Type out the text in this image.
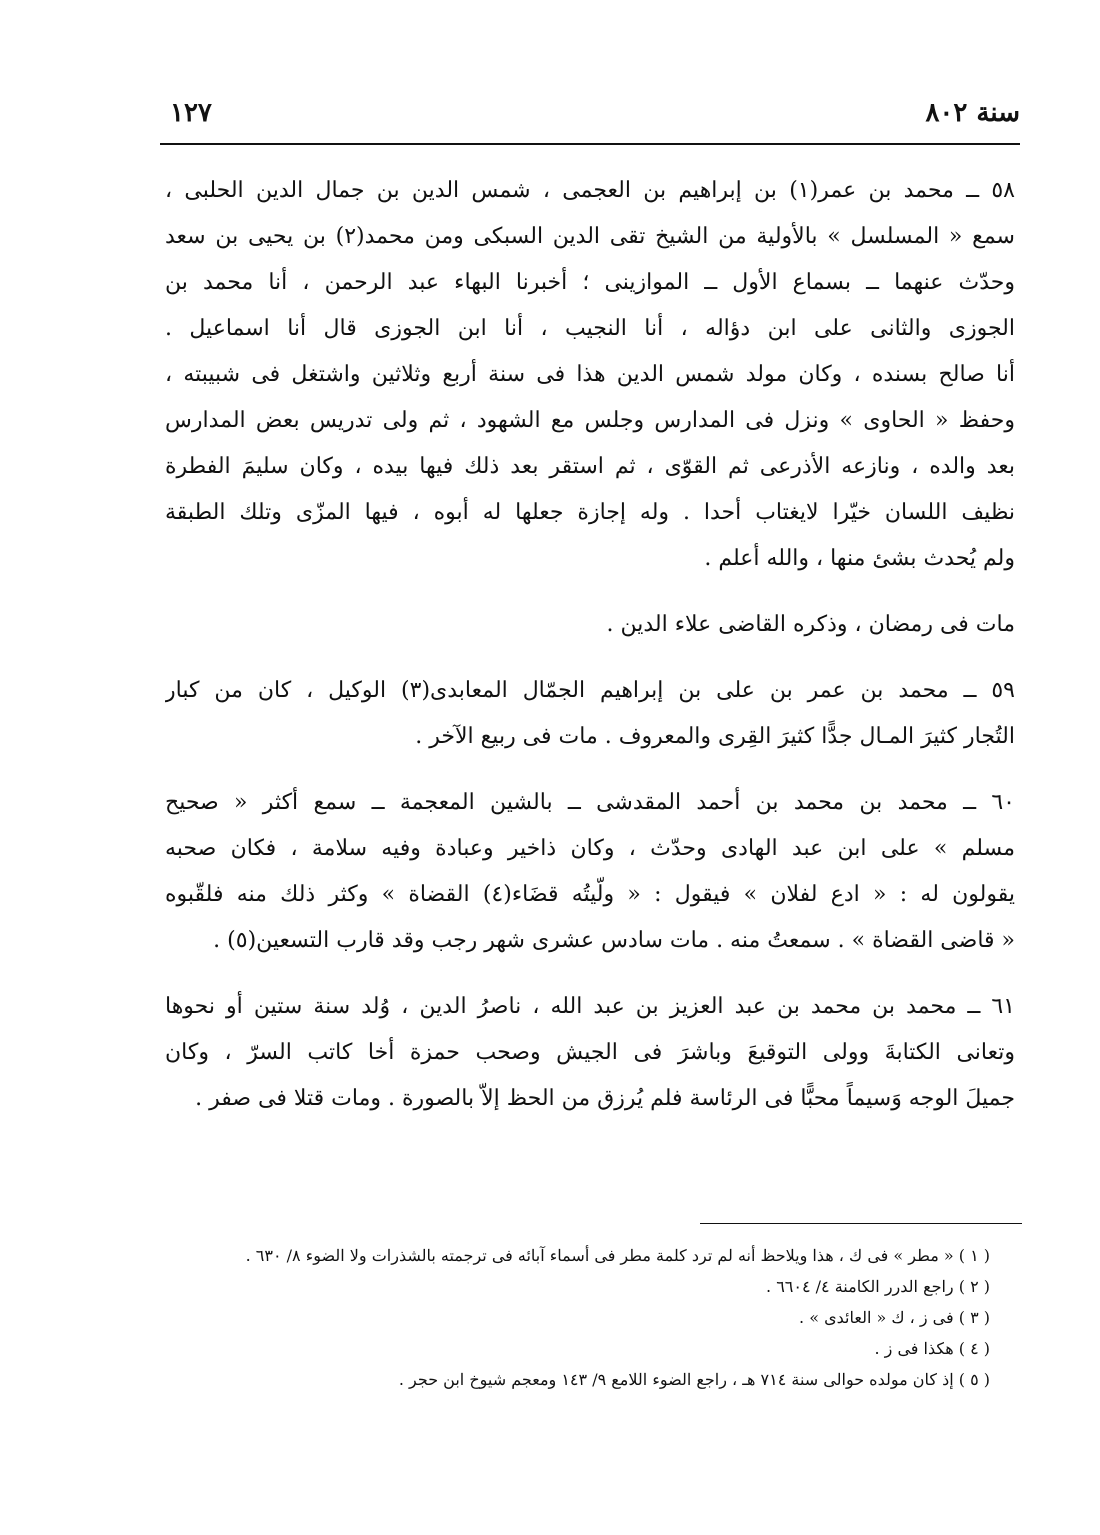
١٢٧	سنة ٨٠٢
٥٨ ــ محمد بن عمر(١) بن إبراهيم بن العجمى ، شمس الدين بن جمال الدين الحلبى ،
سمع « المسلسل » بالأولية من الشيخ تقى الدين السبكى ومن محمد(٢) بن يحيى بن سعد
وحدّث عنهما ــ بسماع الأول ــ الموازينى ؛ أخبرنا البهاء عبد الرحمن ، أنا محمد بن
الجوزى والثانى على ابن دؤاله ، أنا النجيب ، أنا ابن الجوزى قال أنا اسماعيل .
أنا صالح بسنده ، وكان مولد شمس الدين هذا فى سنة أربع وثلاثين واشتغل فى شبيبته ،
وحفظ « الحاوى » ونزل فى المدارس وجلس مع الشهود ، ثم ولى تدريس بعض المدارس
بعد والده ، ونازعه الأذرعى ثم القوّى ، ثم استقر بعد ذلك فيها بيده ، وكان سليمَ الفطرة
نظيف اللسان خيّرا لايغتاب أحدا . وله إجازة جعلها له أبوه ، فيها المزّى وتلك الطبقة
ولم يُحدث بشئ منها ، والله أعلم .
مات فى رمضان ، وذكره القاضى علاء الدين .
٥٩ ــ محمد بن عمر بن على بن إبراهيم الجمّال المعابدى(٣) الوكيل ، كان من كبار
التُجار كثيرَ المـال جدًّا كثيرَ القِرى والمعروف . مات فى ربيع الآخر .
٦٠ ــ محمد بن محمد بن أحمد المقدشى ــ بالشين المعجمة ــ سمع أكثر « صحيح
مسلم » على ابن عبد الهادى وحدّث ، وكان ذاخير وعبادة وفيه سلامة ، فكان صحبه
يقولون له : « ادع لفلان » فيقول : « ولّيتُه قضَاء(٤) القضاة » وكثر ذلك منه فلقّبوه
« قاضى القضاة » . سمعتُ منه . مات سادس عشرى شهر رجب وقد قارب التسعين(٥) .
٦١ ــ محمد بن محمد بن عبد العزيز بن عبد الله ، ناصرُ الدين ، وُلد سنة ستين أو نحوها
وتعانى الكتابةَ وولى التوقيعَ وباشرَ فى الجيش وصحب حمزة أخا كاتب السرّ ، وكان
جميلَ الوجه وَسيماً محبًّا فى الرئاسة فلم يُرزق من الحظ إلاّ بالصورة . ومات قتلا فى صفر .
( ١ ) « مطر » فى ك ، هذا ويلاحظ أنه لم ترد كلمة مطر فى أسماء آبائه فى ترجمته بالشذرات ولا الضوء ٨/ ٦٣٠ .
( ٢ ) راجع الدرر الكامنة ٤/ ٦٦٠٤ .
( ٣ ) فى ز ، ك « العائدى » .
( ٤ ) هكذا فى ز .
( ٥ ) إذ كان مولده حوالى سنة ٧١٤ هـ ، راجع الضوء اللامع ٩/ ١٤٣ ومعجم شيوخ ابن حجر .
